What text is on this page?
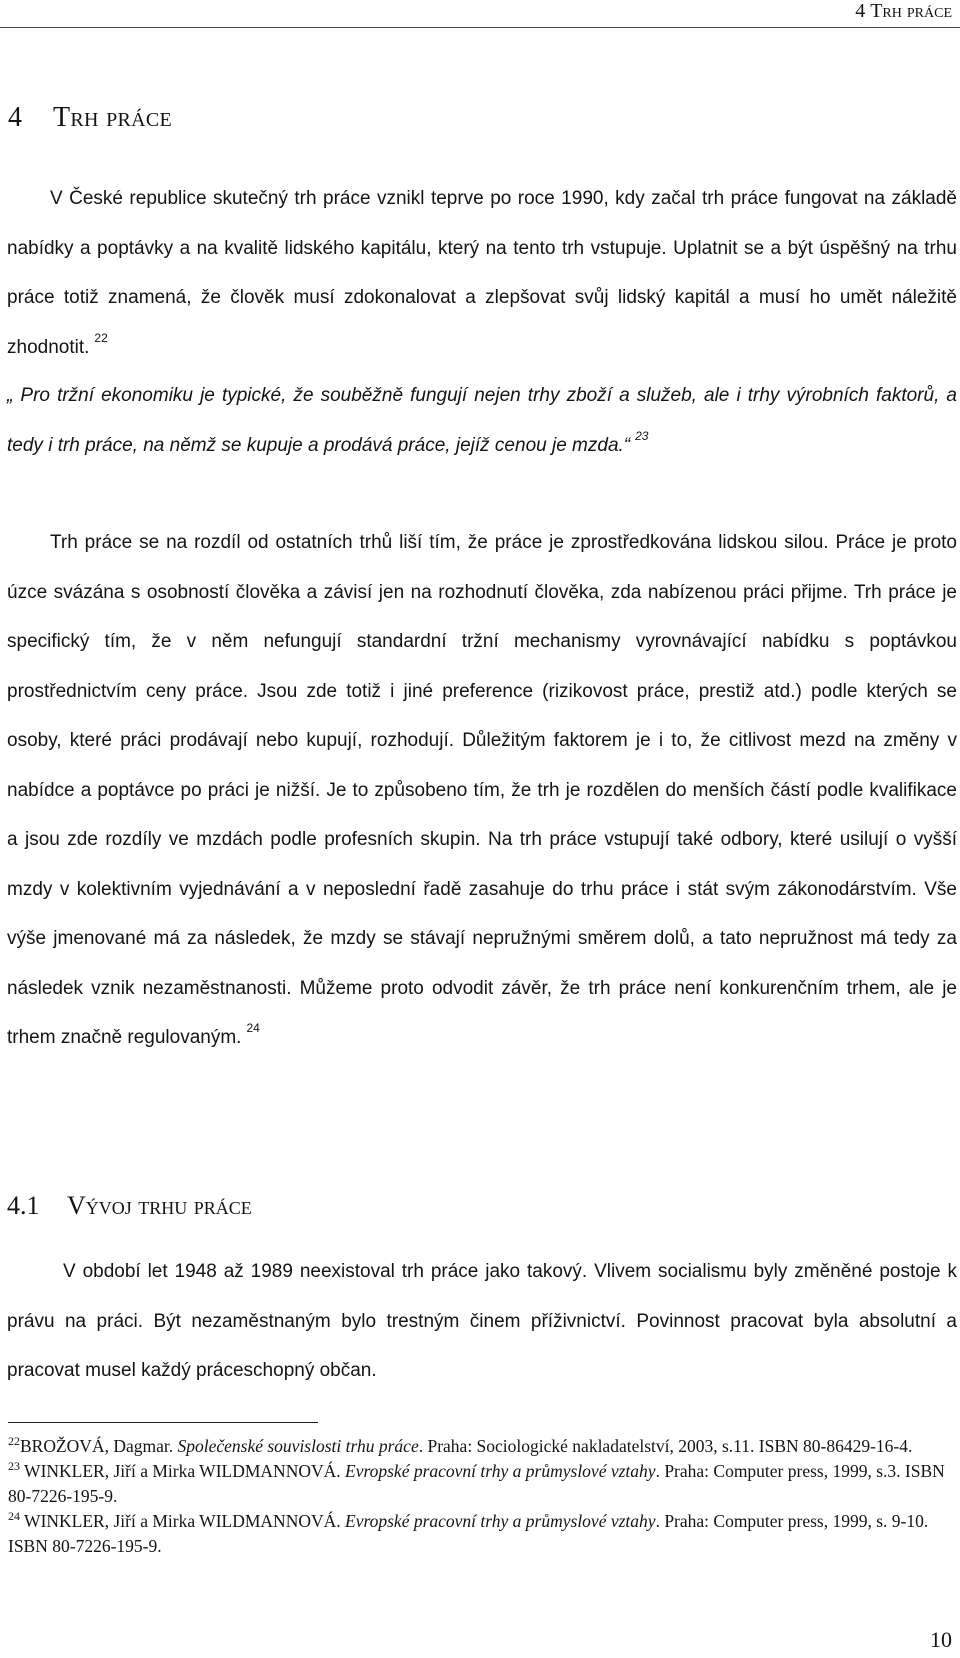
4 Trh práce
4 Trh práce

V České republice skutečný trh práce vznikl teprve po roce 1990, kdy začal trh práce fungovat na základě nabídky a poptávky a na kvalitě lidského kapitálu, který na tento trh vstupuje. Uplatnit se a být úspěšný na trhu práce totiž znamená, že člověk musí zdokonalovat a zlepšovat svůj lidský kapitál a musí ho umět náležitě zhodnotit. $^{22}$

„ Pro tržní ekonomiku je typické, že souběžně fungují nejen trhy zboží a služeb, ale i trhy výrobních faktorů, a tedy i trh práce, na němž se kupuje a prodává práce, jejíž cenou je mzda.“ $^{23}$

Trh práce se na rozdíl od ostatních trhů liší tím, že práce je zprostředkována lidskou silou. Práce je proto úzce svázána s osobností člověka a závisí jen na rozhodnutí člověka, zda nabízenou práci přijme. Trh práce je specifický tím, že v něm nefungují standardní tržní mechanismy vyrovnávající nabídku s poptávkou prostřednictvím ceny práce. Jsou zde totiž i jiné preference (rizikovost práce, prestiž atd.) podle kterých se osoby, které práci prodávají nebo kupují, rozhodují. Důležitým faktorem je i to, že citlivost mezd na změny v nabídce a poptávce po práci je nižší. Je to způsobeno tím, že trh je rozdělen do menších částí podle kvalifikace a jsou zde rozdíly ve mzdách podle profesních skupin. Na trh práce vstupují také odbory, které usilují o vyšší mzdy v kolektivním vyjednávání a v neposlední řadě zasahuje do trhu práce i stát svým zákonodárstvím. Vše výše jmenované má za následek, že mzdy se stávají nepružnými směrem dolů, a tato nepružnost má tedy za následek vznik nezaměstnanosti. Můžeme proto odvodit závěr, že trh práce není konkurenčním trhem, ale je trhem značně regulovaným. $^{24}$

4.1 Vývoj trhu práce

V období let 1948 až 1989 neexistoval trh práce jako takový. Vlivem socialismu byly změněné postoje k právu na práci. Být nezaměstnaným bylo trestným činem příživnictví. Povinnost pracovat byla absolutní a pracovat musel každý práceschopný občan.

$^{22}$BROŽOVÁ, Dagmar. Společenské souvislosti trhu práce. Praha: Sociologické nakladatelství, 2003, s.11. ISBN 80-86429-16-4.

$^{23}$ WINKLER, Jiří a Mirka WILDMANNOVÁ. Evropské pracovní trhy a průmyslové vztahy. Praha: Computer press, 1999, s.3. ISBN 80-7226-195-9.

$^{24}$ WINKLER, Jiří a Mirka WILDMANNOVÁ. Evropské pracovní trhy a průmyslové vztahy. Praha: Computer press, 1999, s. 9-10. ISBN 80-7226-195-9.

10
